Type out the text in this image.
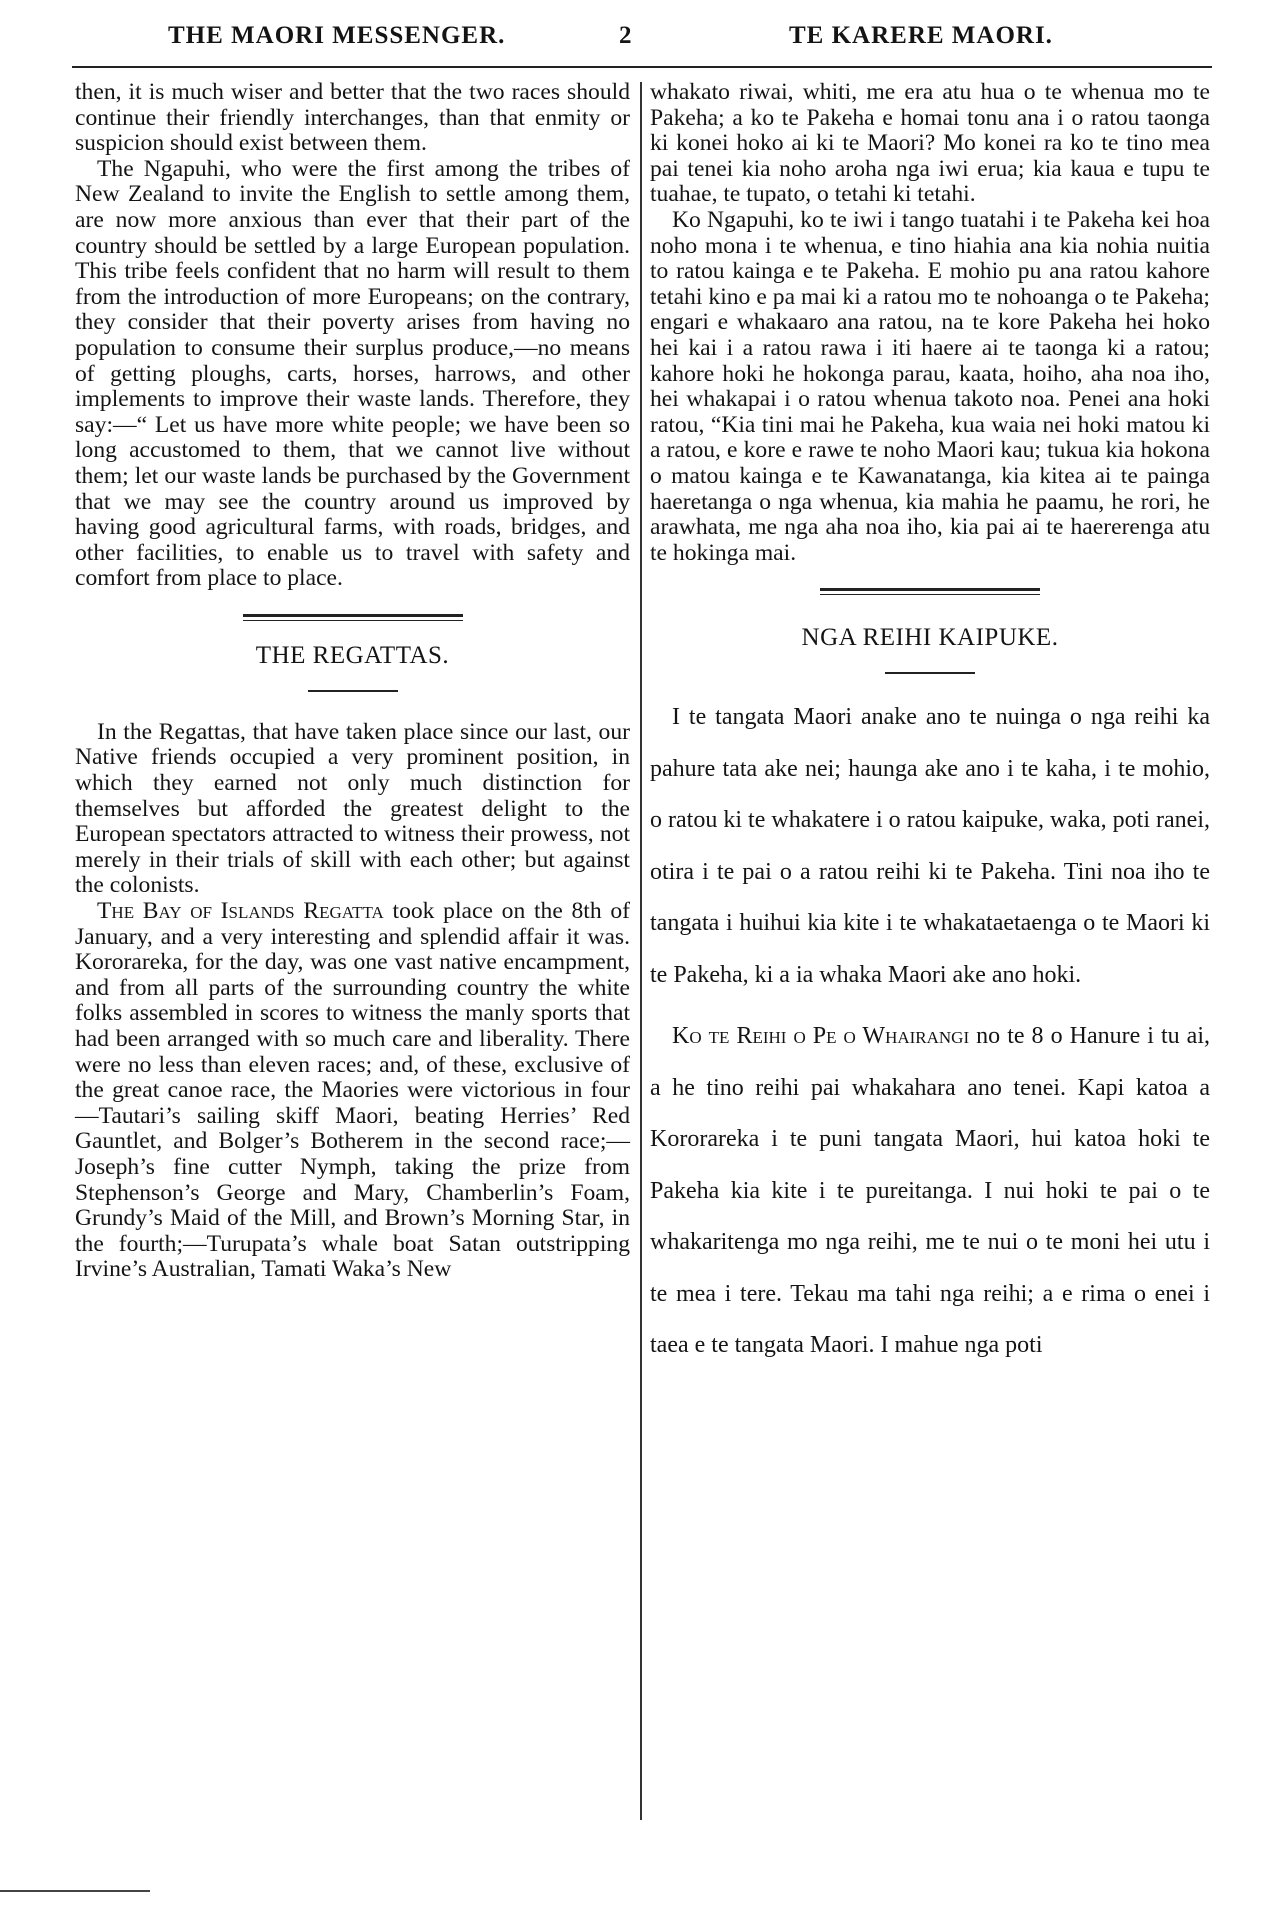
THE MAORI MESSENGER.	2	TE KARERE MAORI.

then, it is much wiser and better that the two races should continue their friendly interchanges, than that enmity or suspicion should exist between them.

The Ngapuhi, who were the first among the tribes of New Zealand to invite the English to settle among them, are now more anxious than ever that their part of the country should be settled by a large European population. This tribe feels confident that no harm will result to them from the introduction of more Europeans; on the contrary, they consider that their poverty arises from having no population to consume their surplus produce,—no means of getting ploughs, carts, horses, harrows, and other implements to improve their waste lands. Therefore, they say:—“ Let us have more white people; we have been so long accustomed to them, that we cannot live without them; let our waste lands be purchased by the Government that we may see the country around us improved by having good agricultural farms, with roads, bridges, and other facilities, to enable us to travel with safety and comfort from place to place.

THE REGATTAS.

In the Regattas, that have taken place since our last, our Native friends occupied a very prominent position, in which they earned not only much distinction for themselves but afforded the greatest delight to the European spectators attracted to witness their prowess, not merely in their trials of skill with each other; but against the colonists.

The Bay of Islands Regatta took place on the 8th of January, and a very interesting and splendid affair it was. Kororareka, for the day, was one vast native encampment, and from all parts of the surrounding country the white folks assembled in scores to witness the manly sports that had been arranged with so much care and liberality. There were no less than eleven races; and, of these, exclusive of the great canoe race, the Maories were victorious in four—Tautari’s sailing skiff Maori, beating Herries’ Red Gauntlet, and Bolger’s Botherem in the second race;—Joseph’s fine cutter Nymph, taking the prize from Stephenson’s George and Mary, Chamberlin’s Foam, Grundy’s Maid of the Mill, and Brown’s Morning Star, in the fourth;—Turupata’s whale boat Satan outstripping Irvine’s Australian, Tamati Waka’s New

whakato riwai, whiti, me era atu hua o te whenua mo te Pakeha; a ko te Pakeha e homai tonu ana i o ratou taonga ki konei hoko ai ki te Maori? Mo konei ra ko te tino mea pai tenei kia noho aroha nga iwi erua; kia kaua e tupu te tuahae, te tupato, o tetahi ki tetahi.

Ko Ngapuhi, ko te iwi i tango tuatahi i te Pakeha kei hoa noho mona i te whenua, e tino hiahia ana kia nohia nuitia to ratou kainga e te Pakeha. E mohio pu ana ratou kahore tetahi kino e pa mai ki a ratou mo te nohoanga o te Pakeha; engari e whakaaro ana ratou, na te kore Pakeha hei hoko hei kai i a ratou rawa i iti haere ai te taonga ki a ratou; kahore hoki he hokonga parau, kaata, hoiho, aha noa iho, hei whakapai i o ratou whenua takoto noa. Penei ana hoki ratou, “Kia tini mai he Pakeha, kua waia nei hoki matou ki a ratou, e kore e rawe te noho Maori kau; tukua kia hokona o matou kainga e te Kawanatanga, kia kitea ai te painga haeretanga o nga whenua, kia mahia he paamu, he rori, he arawhata, me nga aha noa iho, kia pai ai te haererenga atu te hokinga mai.

NGA REIHI KAIPUKE.

I te tangata Maori anake ano te nuinga o nga reihi ka pahure tata ake nei; haunga ake ano i te kaha, i te mohio, o ratou ki te whakatere i o ratou kaipuke, waka, poti ranei, otira i te pai o a ratou reihi ki te Pakeha. Tini noa iho te tangata i huihui kia kite i te whakataetaenga o te Maori ki te Pakeha, ki a ia whaka Maori ake ano hoki.

Ko te Reihi o Pe o Whairangi no te 8 o Hanure i tu ai, a he tino reihi pai whakahara ano tenei. Kapi katoa a Kororareka i te puni tangata Maori, hui katoa hoki te Pakeha kia kite i te pureitanga. I nui hoki te pai o te whakaritenga mo nga reihi, me te nui o te moni hei utu i te mea i tere. Tekau ma tahi nga reihi; a e rima o enei i taea e te tangata Maori. I mahue nga poti
